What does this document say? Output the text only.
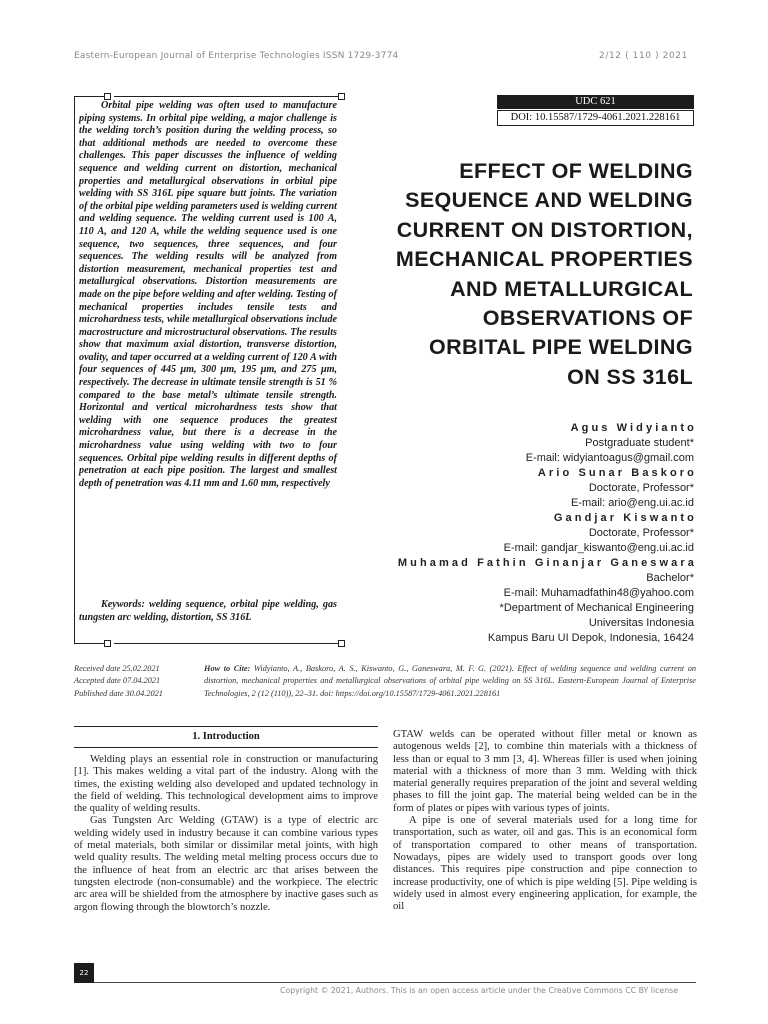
Eastern-European Journal of Enterprise Technologies ISSN 1729-3774	2/12 ( 110 ) 2021

Orbital pipe welding was often used to manufacture piping systems. In orbital pipe welding, a major challenge is the welding torch’s position during the welding process, so that additional methods are needed to overcome these challenges. This paper discusses the influence of welding sequence and welding current on distortion, mechanical properties and metallurgical observations in orbital pipe welding with SS 316L pipe square butt joints. The variation of the orbital pipe welding parameters used is welding current and welding sequence. The welding current used is 100 A, 110 A, and 120 A, while the welding sequence used is one sequence, two sequences, three sequences, and four sequences. The welding results will be analyzed from distortion measurement, mechanical properties test and metallurgical observations. Distortion measurements are made on the pipe before welding and after welding. Testing of mechanical properties includes tensile tests and microhardness tests, while metallurgical observations include macrostructure and microstructural observations. The results show that maximum axial distortion, transverse distortion, ovality, and taper occurred at a welding current of 120 A with four sequences of 445 μm, 300 μm, 195 μm, and 275 μm, respectively. The decrease in ultimate tensile strength is 51 % compared to the base metal’s ultimate tensile strength. Horizontal and vertical microhardness tests show that welding with one sequence produces the greatest microhardness value, but there is a decrease in the microhardness value using welding with two to four sequences. Orbital pipe welding results in different depths of penetration at each pipe position. The largest and smallest depth of penetration was 4.11 mm and 1.60 mm, respectively

Keywords: welding sequence, orbital pipe welding, gas tungsten arc welding, distortion, SS 316L

UDC 621
DOI: 10.15587/1729-4061.2021.228161
EFFECT OF WELDING
SEQUENCE AND WELDING
CURRENT ON DISTORTION,
MECHANICAL PROPERTIES
AND METALLURGICAL
OBSERVATIONS OF
ORBITAL PIPE WELDING
ON SS 316L
Agus Widyianto
Postgraduate student*
E-mail: widyiantoagus@gmail.com
Ario Sunar Baskoro
Doctorate, Professor*
E-mail: ario@eng.ui.ac.id
Gandjar Kiswanto
Doctorate, Professor*
E-mail: gandjar_kiswanto@eng.ui.ac.id
Muhamad Fathin Ginanjar Ganeswara
Bachelor*
E-mail: Muhamadfathin48@yahoo.com
*Department of Mechanical Engineering
Universitas Indonesia
Kampus Baru UI Depok, Indonesia, 16424
Received date 25.02.2021
Accepted date 07.04.2021
Published date 30.04.2021
How to Cite: Widyianto, A., Baskoro, A. S., Kiswanto, G., Ganeswara, M. F. G. (2021). Effect of welding sequence and welding current on distortion, mechanical properties and metallurgical observations of orbital pipe welding on SS 316L. Eastern-European Journal of Enterprise Technologies, 2 (12 (110)), 22–31. doi: https://doi.org/10.15587/1729-4061.2021.228161
1. Introduction

Welding plays an essential role in construction or manufacturing [1]. This makes welding a vital part of the industry. Along with the times, the existing welding also developed and updated technology in the field of welding. This technological development aims to improve the quality of welding results.

Gas Tungsten Arc Welding (GTAW) is a type of electric arc welding widely used in industry because it can combine various types of metal materials, both similar or dissimilar metal joints, with high weld quality results. The welding metal melting process occurs due to the influence of heat from an electric arc that arises between the tungsten electrode (non-consumable) and the workpiece. The electric arc area will be shielded from the atmosphere by inactive gases such as argon flowing through the blowtorch’s nozzle.

GTAW welds can be operated without filler metal or known as autogenous welds [2], to combine thin materials with a thickness of less than or equal to 3 mm [3, 4]. Whereas filler is used when joining material with a thickness of more than 3 mm. Welding with thick material generally requires preparation of the joint and several welding phases to fill the joint gap. The material being welded can be in the form of plates or pipes with various types of joints.

A pipe is one of several materials used for a long time for transportation, such as water, oil and gas. This is an economical form of transportation compared to other means of transportation. Nowadays, pipes are widely used to transport goods over long distances. This requires pipe construction and pipe connection to increase productivity, one of which is pipe welding [5]. Pipe welding is widely used in almost every engineering application, for example, the oil

22
Copyright © 2021, Authors. This is an open access article under the Creative Commons CC BY license
